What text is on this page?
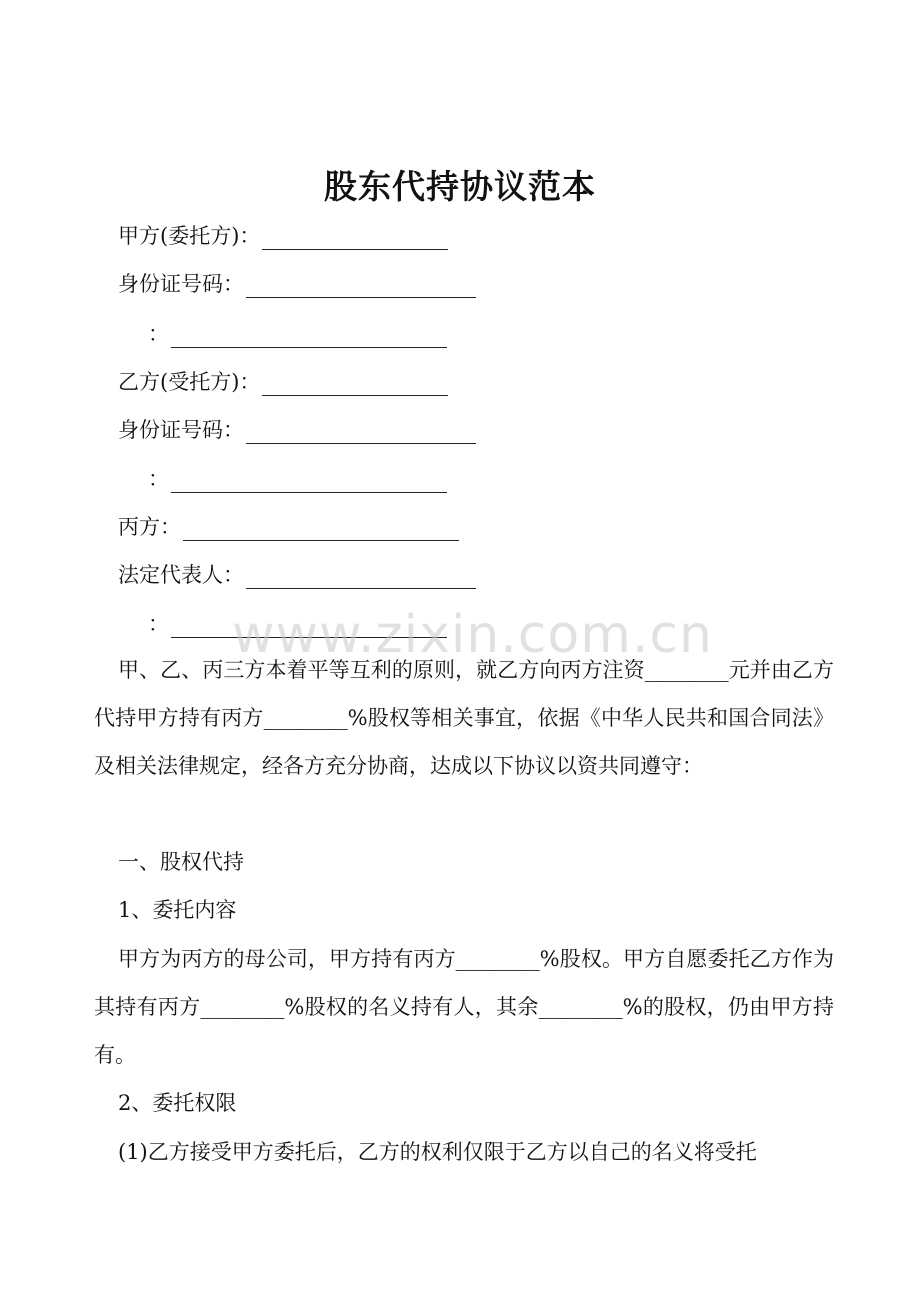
股东代持协议范本
甲方(委托方)：
身份证号码：
：
乙方(受托方)：
身份证号码：
：
丙方：
法定代表人：
：
甲、乙、丙三方本着平等互利的原则，就乙方向丙方注资________元并由乙方代持甲方持有丙方________%股权等相关事宜，依据《中华人民共和国合同法》及相关法律规定，经各方充分协商，达成以下协议以资共同遵守：
一、股权代持
1、委托内容
甲方为丙方的母公司，甲方持有丙方________%股权。甲方自愿委托乙方作为其持有丙方________%股权的名义持有人，其余________%的股权，仍由甲方持有。
2、委托权限
(1)乙方接受甲方委托后，乙方的权利仅限于乙方以自己的名义将受托
www.zixin.com.cn
